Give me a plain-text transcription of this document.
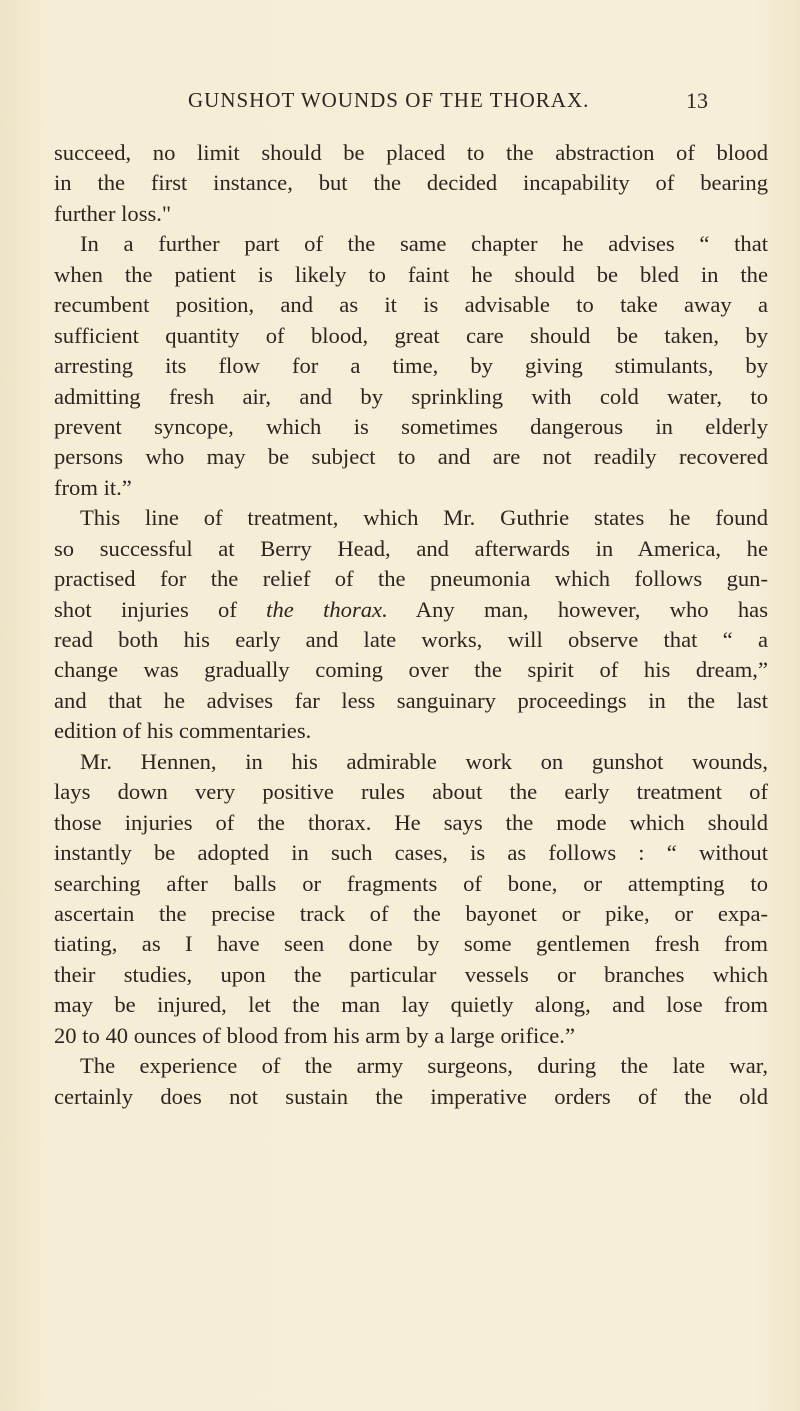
GUNSHOT WOUNDS OF THE THORAX.	13
succeed, no limit should be placed to the abstraction of blood
in the first instance, but the decided incapability of bearing
further loss."
In a further part of the same chapter he advises “ that
when the patient is likely to faint he should be bled in the
recumbent position, and as it is advisable to take away a
sufficient quantity of blood, great care should be taken, by
arresting its flow for a time, by giving stimulants, by
admitting fresh air, and by sprinkling with cold water, to
prevent syncope, which is sometimes dangerous in elderly
persons who may be subject to and are not readily recovered
from it.”
This line of treatment, which Mr. Guthrie states he found
so successful at Berry Head, and afterwards in America, he
practised for the relief of the pneumonia which follows gun-
shot injuries of the thorax. Any man, however, who has
read both his early and late works, will observe that “ a
change was gradually coming over the spirit of his dream,”
and that he advises far less sanguinary proceedings in the last
edition of his commentaries.
Mr. Hennen, in his admirable work on gunshot wounds,
lays down very positive rules about the early treatment of
those injuries of the thorax. He says the mode which should
instantly be adopted in such cases, is as follows : “ without
searching after balls or fragments of bone, or attempting to
ascertain the precise track of the bayonet or pike, or expa-
tiating, as I have seen done by some gentlemen fresh from
their studies, upon the particular vessels or branches which
may be injured, let the man lay quietly along, and lose from
20 to 40 ounces of blood from his arm by a large orifice.”
The experience of the army surgeons, during the late war,
certainly does not sustain the imperative orders of the old
